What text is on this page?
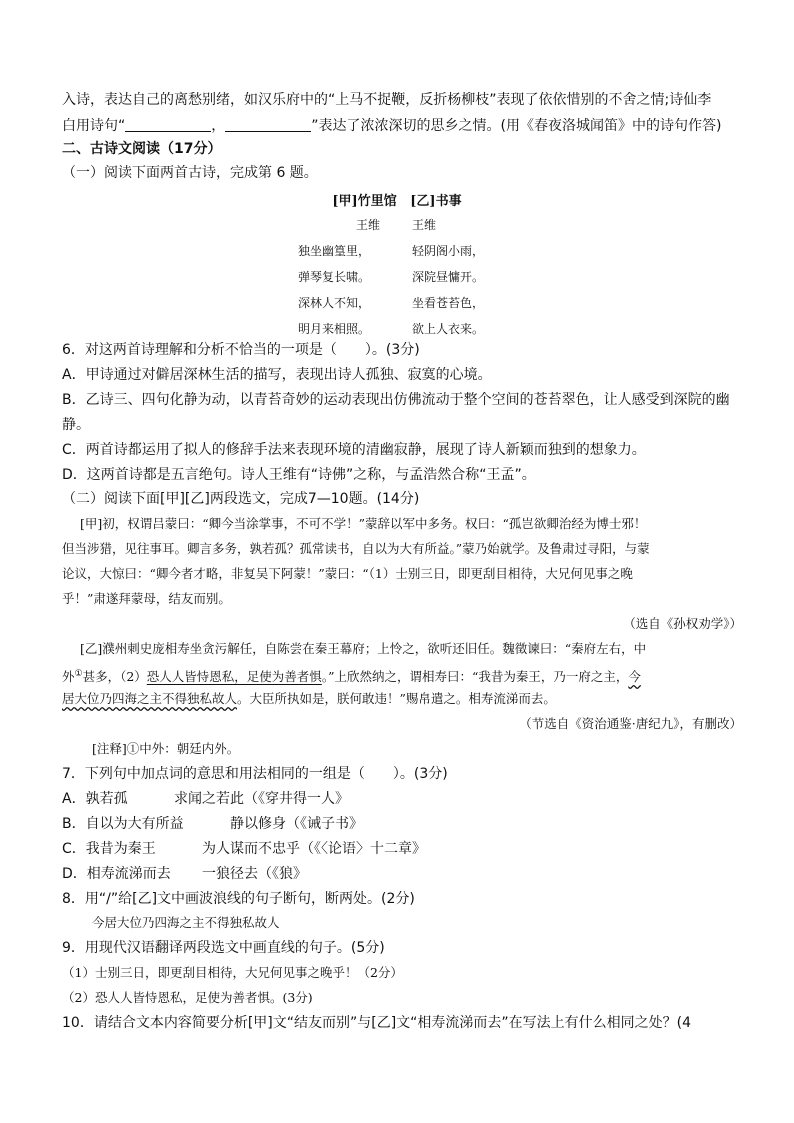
入诗，表达自己的离愁别绪，如汉乐府中的“上马不捉鞭，反折杨柳枝”表现了依依惜别的不舍之情;诗仙李
白用诗句“	，	”表达了浓浓深切的思乡之情。(用《春夜洛城闻笛》中的诗句作答)
二、古诗文阅读（17分）
（一）阅读下面两首古诗，完成第 6 题。
[甲]竹里馆 [乙]书事
王维
独坐幽篁里，
弹琴复长啸。
深林人不知，
明月来相照。
王维
轻阴阁小雨，
深院昼慵开。
坐看苍苔色，
欲上人衣来。
6．对这两首诗理解和分析不恰当的一项是（　　）。(3分)
A．甲诗通过对僻居深林生活的描写，表现出诗人孤独、寂寞的心境。
B．乙诗三、四句化静为动，以青苔奇妙的运动表现出仿佛流动于整个空间的苍苔翠色，让人感受到深院的幽
静。
C．两首诗都运用了拟人的修辞手法来表现环境的清幽寂静，展现了诗人新颖而独到的想象力。
D．这两首诗都是五言绝句。诗人王维有“诗佛”之称，与孟浩然合称“王孟”。
（二）阅读下面[甲][乙]两段选文，完成7—10题。(14分)
[甲]初，权谓吕蒙曰：“卿今当涂掌事，不可不学！”蒙辞以军中多务。权曰：“孤岂欲卿治经为博士邪！
但当涉猎，见往事耳。卿言多务，孰若孤？孤常读书，自以为大有所益。”蒙乃始就学。及鲁肃过寻阳，与蒙
论议，大惊曰：“卿今者才略，非复吴下阿蒙！”蒙曰：“（1）士别三日，即更刮目相待，大兄何见事之晚
乎！”肃遂拜蒙母，结友而别。
（选自《孙权劝学》）
[乙]濮州刺史庞相寿坐贪污解任，自陈尝在秦王幕府；上怜之，欲听还旧任。魏徵谏曰：“秦府左右，中
外①甚多，（2）恐人人皆恃恩私，足使为善者惧。”上欣然纳之，谓相寿曰：“我昔为秦王，乃一府之主，今
居大位乃四海之主不得独私故人。大臣所执如是，朕何敢违！”赐帛遣之。相寿流涕而去。
（节选自《资治通鉴·唐纪九》，有删改）
[注释]①中外：朝廷内外。
7．下列句中加点词的意思和用法相同的一组是（　　）。(3分)
A．孰若孤	求闻之若此（《穿井得一人》
B．自以为大有所益	静以修身（《诫子书》
C．我昔为秦王	为人谋而不忠乎（《〈论语〉十二章》
D．相寿流涕而去 一狼径去（《狼》
8．用“/”给[乙]文中画波浪线的句子断句，断两处。(2分)
今居大位乃四海之主不得独私故人
9．用现代汉语翻译两段选文中画直线的句子。(5分)
（1）士别三日，即更刮目相待，大兄何见事之晚乎！（2分）
（2）恐人人皆恃恩私，足使为善者惧。(3分)
10．请结合文本内容简要分析[甲]文“结友而别”与[乙]文“相寿流涕而去”在写法上有什么相同之处？(4
